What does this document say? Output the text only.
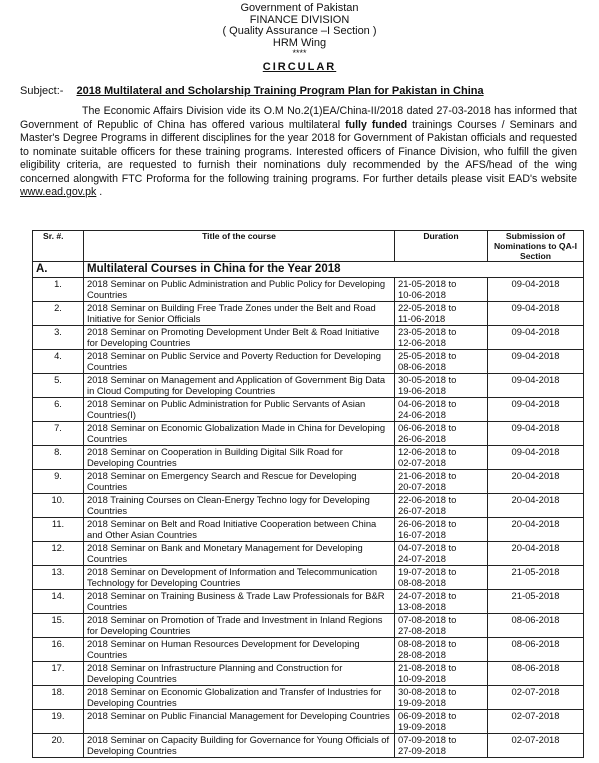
Government of Pakistan
FINANCE DIVISION
( Quality Assurance –I Section )
HRM Wing
****
CIRCULAR
Subject:- 2018 Multilateral and Scholarship Training Program Plan for Pakistan in China
The Economic Affairs Division vide its O.M No.2(1)EA/China-II/2018 dated 27-03-2018 has informed that Government of Republic of China has offered various multilateral fully funded trainings Courses / Seminars and Master's Degree Programs in different disciplines for the year 2018 for Government of Pakistan officials and requested to nominate suitable officers for these training programs. Interested officers of Finance Division, who fulfill the given eligibility criteria, are requested to furnish their nominations duly recommended by the AFS/head of the wing concerned alongwith FTC Proforma for the following training programs. For further details please visit EAD's website www.ead.gov.pk .
Sr. #.	Title of the course	Duration	Submission of Nominations to QA-I Section
A.	Multilateral Courses in China for the Year 2018		
1.	2018 Seminar on Public Administration and Public Policy for Developing Countries	21-05-2018 to
10-06-2018	09-04-2018
2.	2018 Seminar on Building Free Trade Zones under the Belt and Road Initiative for Senior Officials	22-05-2018 to
11-06-2018	09-04-2018
3.	2018 Seminar on Promoting Development Under Belt & Road Initiative for Developing Countries	23-05-2018 to
12-06-2018	09-04-2018
4.	2018 Seminar on Public Service and Poverty Reduction for Developing Countries	25-05-2018 to
08-06-2018	09-04-2018
5.	2018 Seminar on Management and Application of Government Big Data in Cloud Computing for Developing Countries	30-05-2018 to
19-06-2018	09-04-2018
6.	2018 Seminar on Public Administration for Public Servants of Asian Countries(I)	04-06-2018 to
24-06-2018	09-04-2018
7.	2018 Seminar on Economic Globalization Made in China for Developing Countries	06-06-2018 to
26-06-2018	09-04-2018
8.	2018 Seminar on Cooperation in Building Digital Silk Road for Developing Countries	12-06-2018 to
02-07-2018	09-04-2018
9.	2018 Seminar on Emergency Search and Rescue for Developing Countries	21-06-2018 to
20-07-2018	20-04-2018
10.	2018 Training Courses on Clean-Energy Techno logy for Developing Countries	22-06-2018 to
26-07-2018	20-04-2018
11.	2018 Seminar on Belt and Road Initiative Cooperation between China and Other Asian Countries	26-06-2018 to
16-07-2018	20-04-2018
12.	2018 Seminar on Bank and Monetary Management for Developing Countries	04-07-2018 to
24-07-2018	20-04-2018
13.	2018 Seminar on Development of Information and Telecommunication Technology for Developing Countries	19-07-2018 to
08-08-2018	21-05-2018
14.	2018 Seminar on Training Business & Trade Law Professionals for B&R Countries	24-07-2018 to
13-08-2018	21-05-2018
15.	2018 Seminar on Promotion of Trade and Investment in Inland Regions for Developing Countries	07-08-2018 to
27-08-2018	08-06-2018
16.	2018 Seminar on Human Resources Development for Developing Countries	08-08-2018 to
28-08-2018	08-06-2018
17.	2018 Seminar on Infrastructure Planning and Construction for Developing Countries	21-08-2018 to
10-09-2018	08-06-2018
18.	2018 Seminar on Economic Globalization and Transfer of Industries for Developing Countries	30-08-2018 to
19-09-2018	02-07-2018
19.	2018 Seminar on Public Financial Management for Developing Countries	06-09-2018 to
19-09-2018	02-07-2018
20.	2018 Seminar on Capacity Building for Governance for Young Officials of Developing Countries	07-09-2018 to
27-09-2018	02-07-2018
